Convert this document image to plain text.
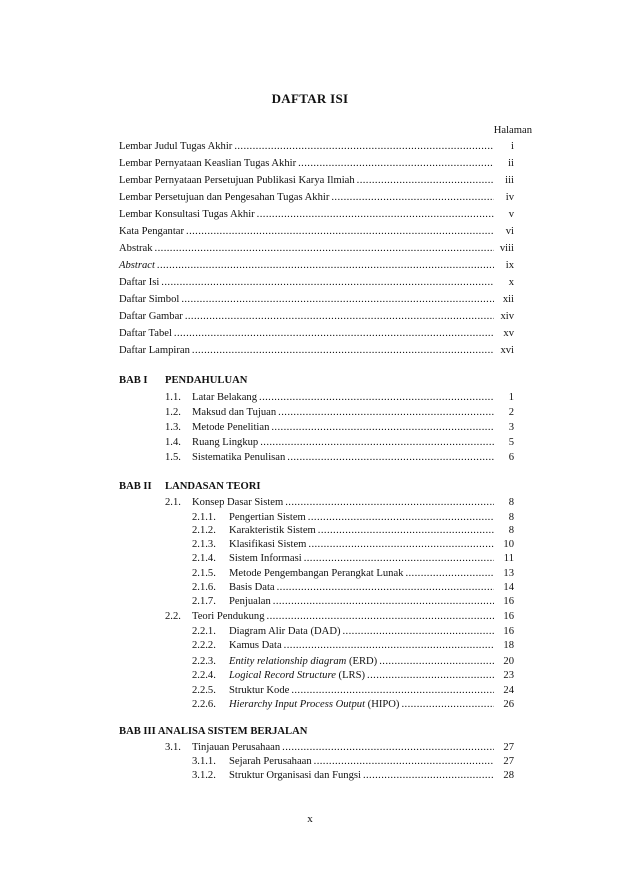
DAFTAR ISI
Halaman
Lembar Judul Tugas Akhir .....	i
Lembar Pernyataan Keaslian Tugas Akhir .....	ii
Lembar Pernyataan Persetujuan Publikasi Karya Ilmiah .....	iii
Lembar Persetujuan dan Pengesahan Tugas Akhir .....	iv
Lembar Konsultasi Tugas Akhir .....	v
Kata Pengantar .....	vi
Abstrak .....	viii
Abstract .....	ix
Daftar Isi .....	x
Daftar Simbol .....	xii
Daftar Gambar .....	xiv
Daftar Tabel .....	xv
Daftar Lampiran .....	xvi
BAB I PENDAHULUAN
1.1.	Latar Belakang .....	1
1.2.	Maksud dan Tujuan .....	2
1.3.	Metode Penelitian .....	3
1.4.	Ruang Lingkup .....	5
1.5.	Sistematika Penulisan .....	6
BAB II LANDASAN TEORI
2.1.	Konsep Dasar Sistem .....	8
2.1.1.	Pengertian Sistem .....	8
2.1.2.	Karakteristik Sistem .....	8
2.1.3.	Klasifikasi Sistem .....	10
2.1.4.	Sistem Informasi .....	11
2.1.5.	Metode Pengembangan Perangkat Lunak .....	13
2.1.6.	Basis Data .....	14
2.1.7.	Penjualan .....	16
2.2.	Teori Pendukung .....	16
2.2.1.	Diagram Alir Data (DAD) .....	16
2.2.2.	Kamus Data .....	18
2.2.3.	Entity relationship diagram (ERD) .....	20
2.2.4.	Logical Record Structure (LRS) .....	23
2.2.5.	Struktur Kode .....	24
2.2.6.	Hierarchy Input Process Output (HIPO) .....	26
BAB III ANALISA SISTEM BERJALAN
3.1.	Tinjauan Perusahaan .....	27
3.1.1.	Sejarah Perusahaan .....	27
3.1.2.	Struktur Organisasi dan Fungsi .....	28
x
